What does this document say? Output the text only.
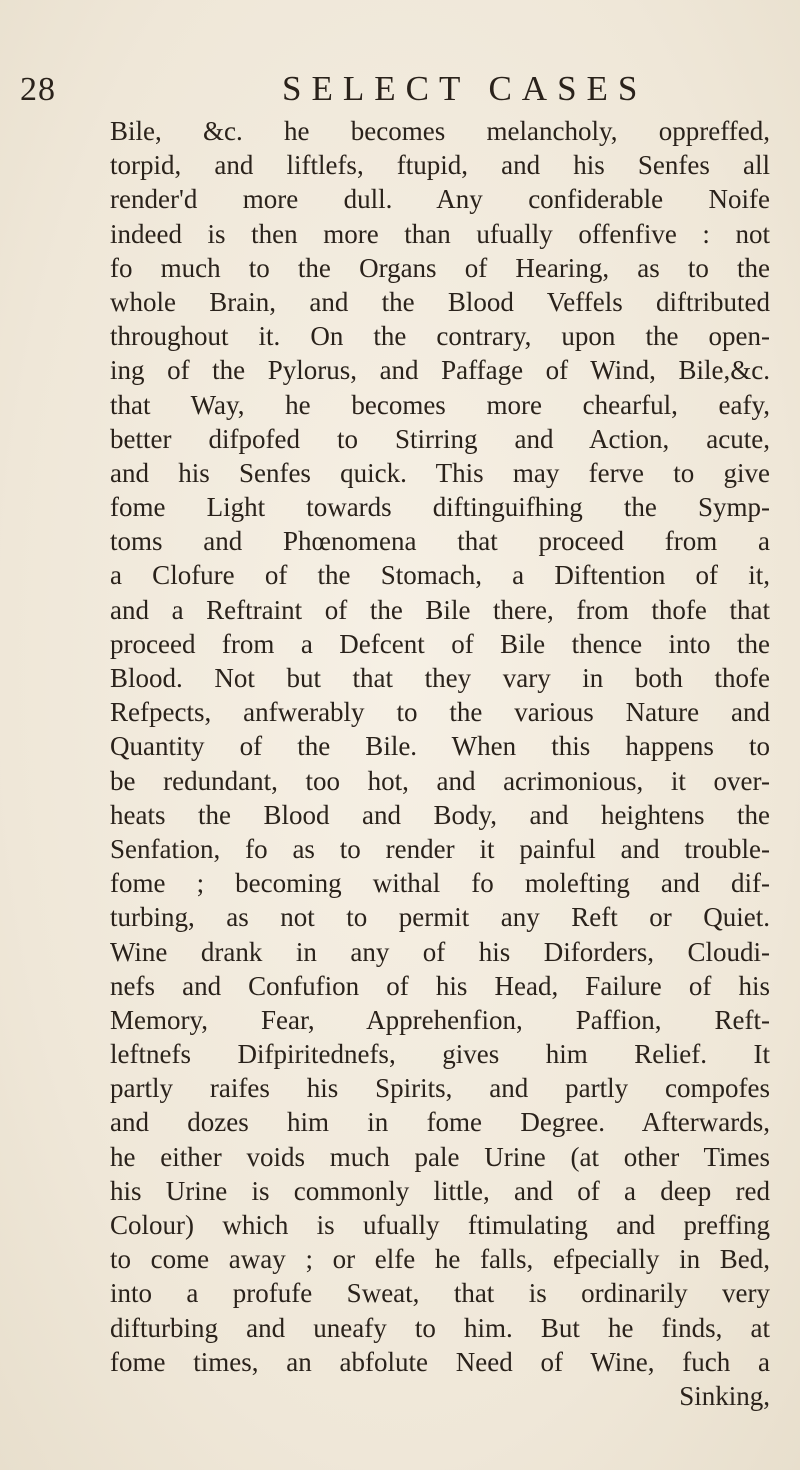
28	SELECT CASES
Bile, &c. he becomes melancholy, oppreffed,
torpid, and liftlefs, ftupid, and his Senfes all
render'd more dull. Any confiderable Noife
indeed is then more than ufually offenfive : not
fo much to the Organs of Hearing, as to the
whole Brain, and the Blood Veffels diftributed
throughout it. On the contrary, upon the open-
ing of the Pylorus, and Paffage of Wind, Bile,&c.
that Way, he becomes more chearful, eafy,
better difpofed to Stirring and Action, acute,
and his Senfes quick. This may ferve to give
fome Light towards diftinguifhing the Symp-
toms and Phœnomena that proceed from a
a Clofure of the Stomach, a Diftention of it,
and a Reftraint of the Bile there, from thofe that
proceed from a Defcent of Bile thence into the
Blood. Not but that they vary in both thofe
Refpects, anfwerably to the various Nature and
Quantity of the Bile. When this happens to
be redundant, too hot, and acrimonious, it over-
heats the Blood and Body, and heightens the
Senfation, fo as to render it painful and trouble-
fome ; becoming withal fo molefting and dif-
turbing, as not to permit any Reft or Quiet.
Wine drank in any of his Diforders, Cloudi-
nefs and Confufion of his Head, Failure of his
Memory, Fear, Apprehenfion, Paffion, Reft-
leftnefs Difpiritednefs, gives him Relief. It
partly raifes his Spirits, and partly compofes
and dozes him in fome Degree. Afterwards,
he either voids much pale Urine (at other Times
his Urine is commonly little, and of a deep red
Colour) which is ufually ftimulating and preffing
to come away ; or elfe he falls, efpecially in Bed,
into a profufe Sweat, that is ordinarily very
difturbing and uneafy to him. But he finds, at
fome times, an abfolute Need of Wine, fuch a
Sinking,
